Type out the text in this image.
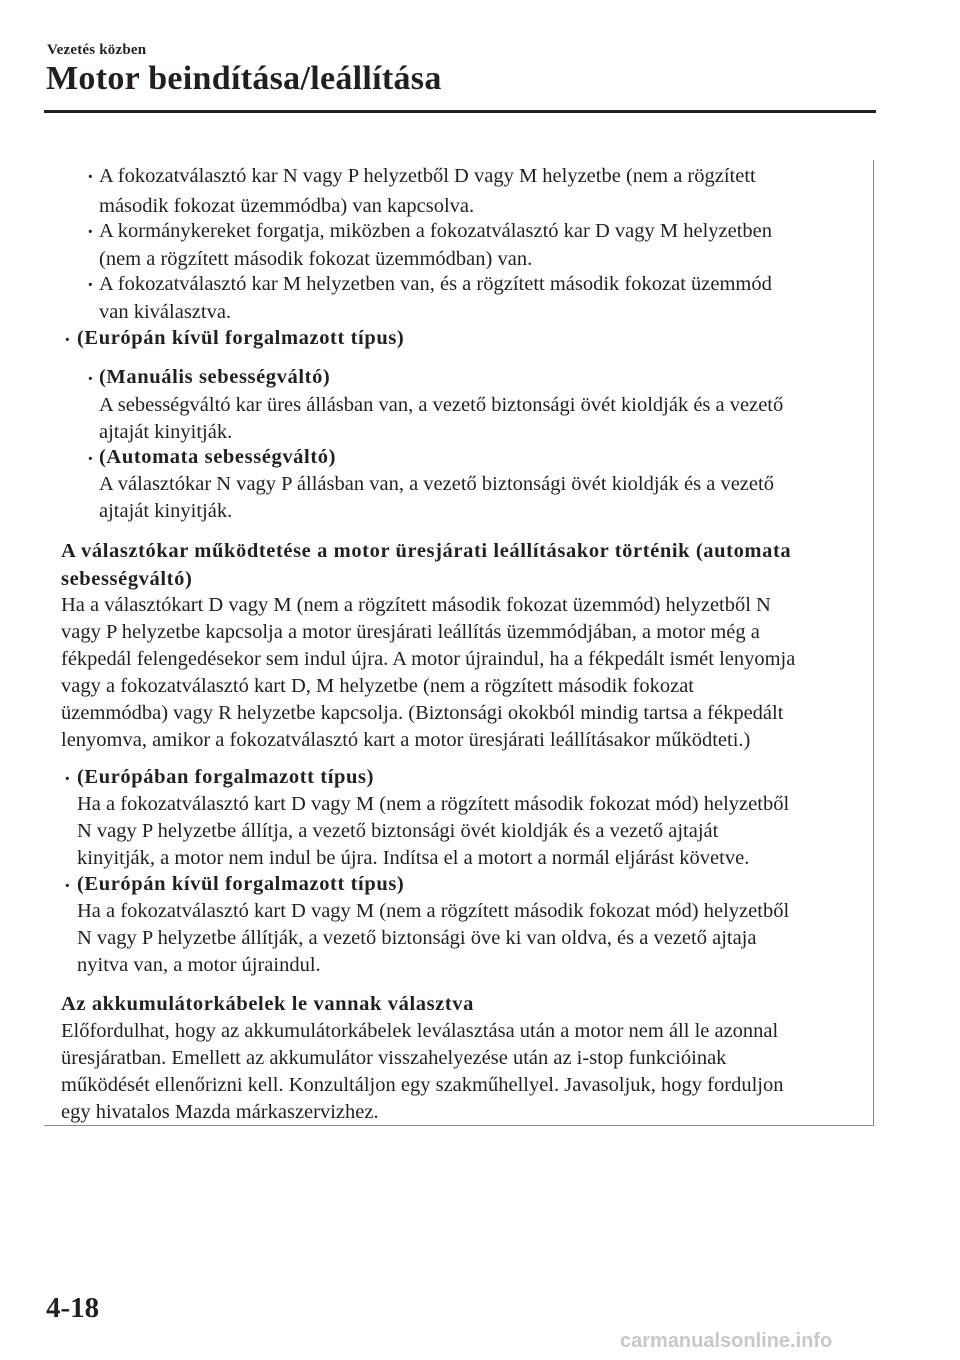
Vezetés közben
Motor beindítása/leállítása
· A fokozatválasztó kar N vagy P helyzetből D vagy M helyzetbe (nem a rögzített
második fokozat üzemmódba) van kapcsolva.
· A kormánykereket forgatja, miközben a fokozatválasztó kar D vagy M helyzetben
(nem a rögzített második fokozat üzemmódban) van.
· A fokozatválasztó kar M helyzetben van, és a rögzített második fokozat üzemmód
van kiválasztva.
· (Európán kívül forgalmazott típus)
· (Manuális sebességváltó)
A sebességváltó kar üres állásban van, a vezető biztonsági övét kioldják és a vezető
ajtaját kinyitják.
· (Automata sebességváltó)
A választókar N vagy P állásban van, a vezető biztonsági övét kioldják és a vezető
ajtaját kinyitják.
A választókar működtetése a motor üresjárati leállításakor történik (automata
sebességváltó)
Ha a választókart D vagy M (nem a rögzített második fokozat üzemmód) helyzetből N
vagy P helyzetbe kapcsolja a motor üresjárati leállítás üzemmódjában, a motor még a
fékpedál felengedésekor sem indul újra. A motor újraindul, ha a fékpedált ismét lenyomja
vagy a fokozatválasztó kart D, M helyzetbe (nem a rögzített második fokozat
üzemmódba) vagy R helyzetbe kapcsolja. (Biztonsági okokból mindig tartsa a fékpedált
lenyomva, amikor a fokozatválasztó kart a motor üresjárati leállításakor működteti.)
· (Európában forgalmazott típus)
Ha a fokozatválasztó kart D vagy M (nem a rögzített második fokozat mód) helyzetből
N vagy P helyzetbe állítja, a vezető biztonsági övét kioldják és a vezető ajtaját
kinyitják, a motor nem indul be újra. Indítsa el a motort a normál eljárást követve.
· (Európán kívül forgalmazott típus)
Ha a fokozatválasztó kart D vagy M (nem a rögzített második fokozat mód) helyzetből
N vagy P helyzetbe állítják, a vezető biztonsági öve ki van oldva, és a vezető ajtaja
nyitva van, a motor újraindul.
Az akkumulátorkábelek le vannak választva
Előfordulhat, hogy az akkumulátorkábelek leválasztása után a motor nem áll le azonnal
üresjáratban. Emellett az akkumulátor visszahelyezése után az i-stop funkcióinak
működését ellenőrizni kell. Konzultáljon egy szakműhellyel. Javasoljuk, hogy forduljon
egy hivatalos Mazda márkaszervizhez.
4-18
carmanualsonline.info
